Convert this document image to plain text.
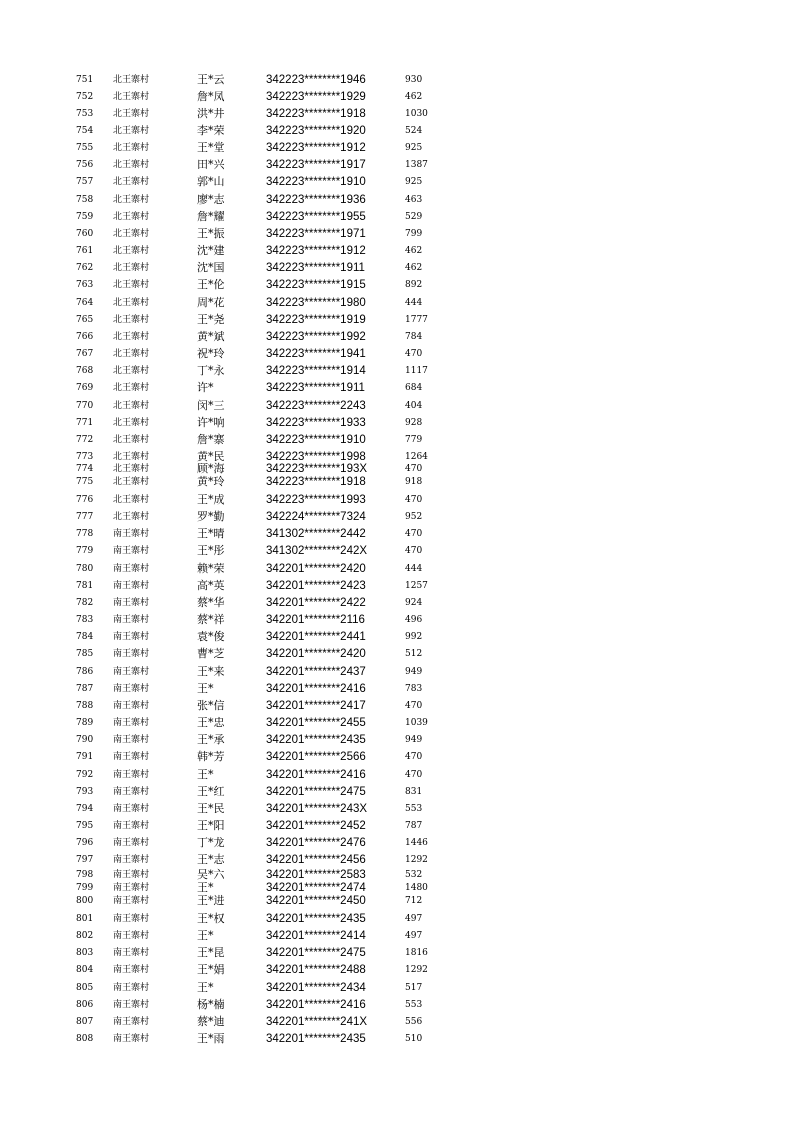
751 北王寨村	王*云	342223********1946	930
752 北王寨村	詹*凤	342223********1929	462
753 北王寨村	洪*井	342223********1918	1030
754 北王寨村	李*荣	342223********1920	524
755 北王寨村	王*堂	342223********1912	925
756 北王寨村	田*兴	342223********1917	1387
757 北王寨村	郭*山	342223********1910	925
758 北王寨村	廖*志	342223********1936	463
759 北王寨村	詹*耀	342223********1955	529
760 北王寨村	王*振	342223********1971	799
761 北王寨村	沈*建	342223********1912	462
762 北王寨村	沈*国	342223********1911	462
763 北王寨村	王*伦	342223********1915	892
764 北王寨村	周*花	342223********1980	444
765 北王寨村	王*尧	342223********1919	1777
766 北王寨村	黄*斌	342223********1992	784
767 北王寨村	祝*玲	342223********1941	470
768 北王寨村	丁*永	342223********1914	1117
769 北王寨村	许*	342223********1911	684
770 北王寨村	闵*三	342223********2243	404
771 北王寨村	许*响	342223********1933	928
772 北王寨村	詹*寨	342223********1910	779
773 北王寨村	黄*民	342223********1998	1264
774 北王寨村	顾*海	342223********193X	470
775 北王寨村	黄*玲	342223********1918	918
776 北王寨村	王*成	342223********1993	470
777 北王寨村	罗*勤	342224********7324	952
778 南王寨村	王*晴	341302********2442	470
779 南王寨村	王*彤	341302********242X	470
780 南王寨村	赖*荣	342201********2420	444
781 南王寨村	高*英	342201********2423	1257
782 南王寨村	蔡*华	342201********2422	924
783 南王寨村	蔡*祥	342201********2116	496
784 南王寨村	袁*俊	342201********2441	992
785 南王寨村	曹*芝	342201********2420	512
786 南王寨村	王*来	342201********2437	949
787 南王寨村	王*	342201********2416	783
788 南王寨村	张*信	342201********2417	470
789 南王寨村	王*忠	342201********2455	1039
790 南王寨村	王*承	342201********2435	949
791 南王寨村	韩*芳	342201********2566	470
792 南王寨村	王*	342201********2416	470
793 南王寨村	王*红	342201********2475	831
794 南王寨村	王*民	342201********243X	553
795 南王寨村	王*阳	342201********2452	787
796 南王寨村	丁*龙	342201********2476	1446
797 南王寨村	王*志	342201********2456	1292
798 南王寨村	吴*六	342201********2583	532
799 南王寨村	王*	342201********2474	1480
800 南王寨村	王*进	342201********2450	712
801 南王寨村	王*权	342201********2435	497
802 南王寨村	王*	342201********2414	497
803 南王寨村	王*昆	342201********2475	1816
804 南王寨村	王*娟	342201********2488	1292
805 南王寨村	王*	342201********2434	517
806 南王寨村	杨*楠	342201********2416	553
807 南王寨村	蔡*迪	342201********241X	556
808 南王寨村	王*雨	342201********2435	510
